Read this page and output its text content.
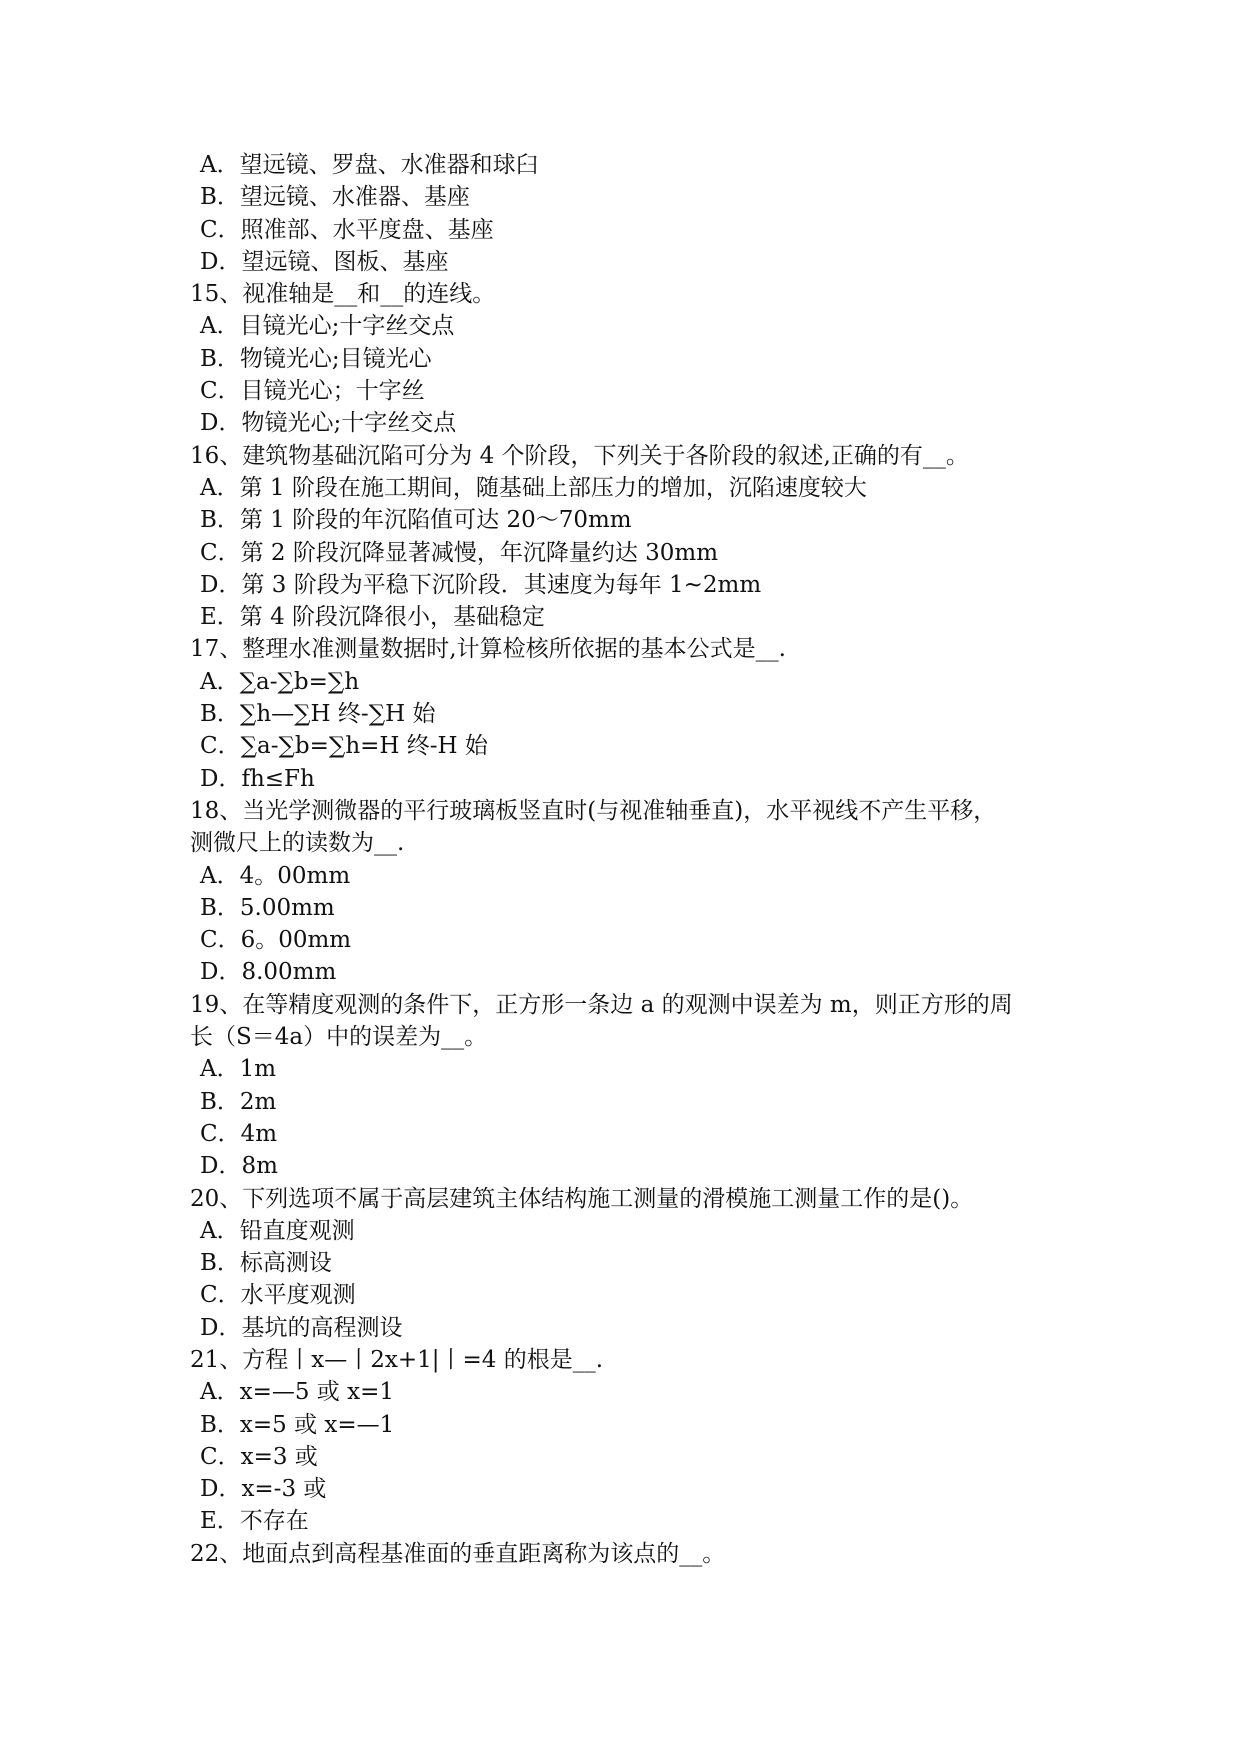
A．望远镜、罗盘、水准器和球臼
B．望远镜、水准器、基座
C．照准部、水平度盘、基座
D．望远镜、图板、基座
15、视准轴是__和__的连线。
A．目镜光心;十字丝交点
B．物镜光心;目镜光心
C．目镜光心；十字丝
D．物镜光心;十字丝交点
16、建筑物基础沉陷可分为 4 个阶段，下列关于各阶段的叙述,正确的有__。
A．第 1 阶段在施工期间，随基础上部压力的增加，沉陷速度较大
B．第 1 阶段的年沉陷值可达 20～70mm
C．第 2 阶段沉降显著减慢，年沉降量约达 30mm
D．第 3 阶段为平稳下沉阶段．其速度为每年 1~2mm
E．第 4 阶段沉降很小，基础稳定
17、整理水准测量数据时,计算检核所依据的基本公式是__.
A．∑a-∑b=∑h
B．∑h—∑H 终-∑H 始
C．∑a-∑b=∑h=H 终-H 始
D．fh≤Fh
18、当光学测微器的平行玻璃板竖直时(与视准轴垂直)，水平视线不产生平移，
测微尺上的读数为__.
A．4。00mm
B．5.00mm
C．6。00mm
D．8.00mm
19、在等精度观测的条件下，正方形一条边 a 的观测中误差为 m，则正方形的周
长（S＝4a）中的误差为__。
A．1m
B．2m
C．4m
D．8m
20、下列选项不属于高层建筑主体结构施工测量的滑模施工测量工作的是()。
A．铅直度观测
B．标高测设
C．水平度观测
D．基坑的高程测设
21、方程丨x—丨2x+1|丨=4 的根是__.
A．x=—5 或 x=1
B．x=5 或 x=—1
C．x=3 或
D．x=-3 或
E．不存在
22、地面点到高程基准面的垂直距离称为该点的__。
